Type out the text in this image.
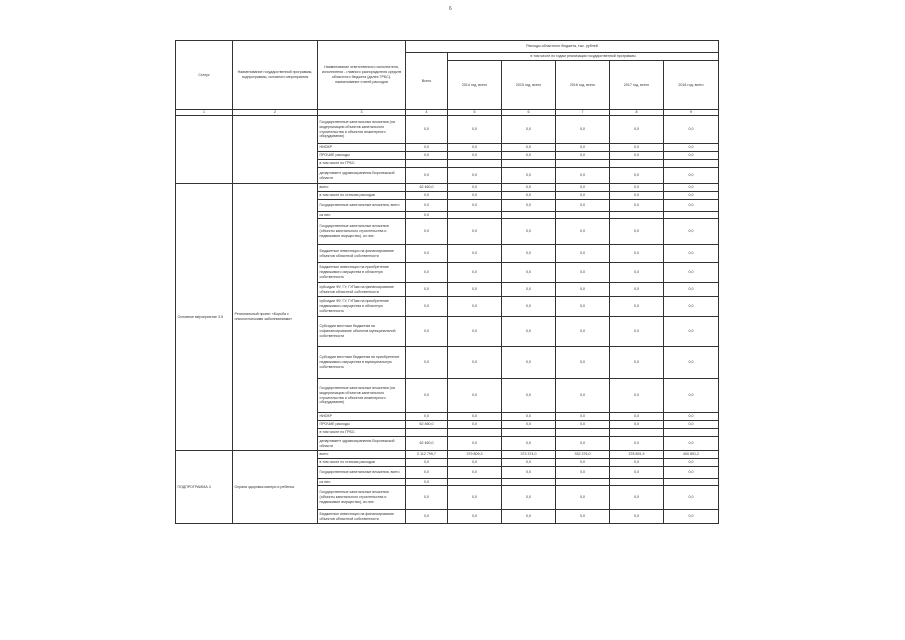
6
Статус	Наименование государственной программы, подпрограммы, основного мероприятия	Наименование ответственного исполнителя, исполнителя - главного распорядителя средств областного бюджета (далее ГРБС), наименование статей расходов	Расходы областного бюджета, тыс. рублей					
			Всего	в том числе по годам реализации государственной программы				
				2014 год, всего	2015 год, всего	2016 год, всего	2017 год, всего	2018 год, всего
1	2	3	4	5	6	7	8	9
		Государственные капитальные вложения (на модернизацию объектов капитального строительства и объектов инженерного оборудования)	0,0	0,0	0,0	0,0	0,0	0,0
		НИОКР	0,0	0,0	0,0	0,0	0,0	0,0
		ПРОЧИЕ расходы	0,0	0,0	0,0	0,0	0,0	0,0
		в том числе по ГРБС:						
		департамент здравоохранения Воронежской области	0,0	0,0	0,0	0,0	0,0	0,0
Основное мероприятие 3.5	Региональный проект «Борьба с онкологическими заболеваниями»	всего	62 460,0	0,0	0,0	0,0	0,0	0,0
		в том числе по статьям расходов	0,0	0,0	0,0	0,0	0,0	0,0
		Государственные капитальные вложения, всего	0,0	0,0	0,0	0,0	0,0	0,0
		из них:	0,0					
		Государственные капитальные вложения (объекты капитального строительства и недвижимое имущество), из них:	0,0	0,0	0,0	0,0	0,0	0,0
		Бюджетные инвестиции на финансирование объектов областной собственности	0,0	0,0	0,0	0,0	0,0	0,0
		Бюджетные инвестиции на приобретение недвижимого имущества в областную собственность	0,0	0,0	0,0	0,0	0,0	0,0
		субсидии ФУ, ГУ, ГУПам на финансирование объектов областной собственности	0,0	0,0	0,0	0,0	0,0	0,0
		субсидии ФУ, ГУ, ГУПам на приобретение недвижимого имущества в областную собственность	0,0	0,0	0,0	0,0	0,0	0,0
		Субсидии местным бюджетам на софинансирование объектов муниципальной собственности	0,0	0,0	0,0	0,0	0,0	0,0
		Субсидии местным бюджетам на приобретение недвижимого имущества в муниципальную собственность	0,0	0,0	0,0	0,0	0,0	0,0
		Государственные капитальные вложения (на модернизацию объектов капитального строительства и объектов инженерного оборудования)	0,0	0,0	0,0	0,0	0,0	0,0
		НИОКР	0,0	0,0	0,0	0,0	0,0	0,0
		ПРОЧИЕ расходы	62 460,0	0,0	0,0	0,0	0,0	0,0
		в том числе по ГРБС:						
		департамент здравоохранения Воронежской области	62 460,0	0,0	0,0	0,0	0,0	0,0
ПОДПРОГРАММА 4	Охрана здоровья матери и ребенка	всего	2 112 799,7	379 809,3	373 374,0	332 376,0	378 891,9	400 891,2
		в том числе по статьям расходов	0,0	0,0	0,0	0,0	0,0	0,0
		Государственные капитальные вложения, всего	0,0	0,0	0,0	0,0	0,0	0,0
		из них:	0,0					
		Государственные капитальные вложения (объекты капитального строительства и недвижимое имущество), из них:	0,0	0,0	0,0	0,0	0,0	0,0
		Бюджетные инвестиции на финансирование объектов областной собственности	0,0	0,0	0,0	0,0	0,0	0,0
